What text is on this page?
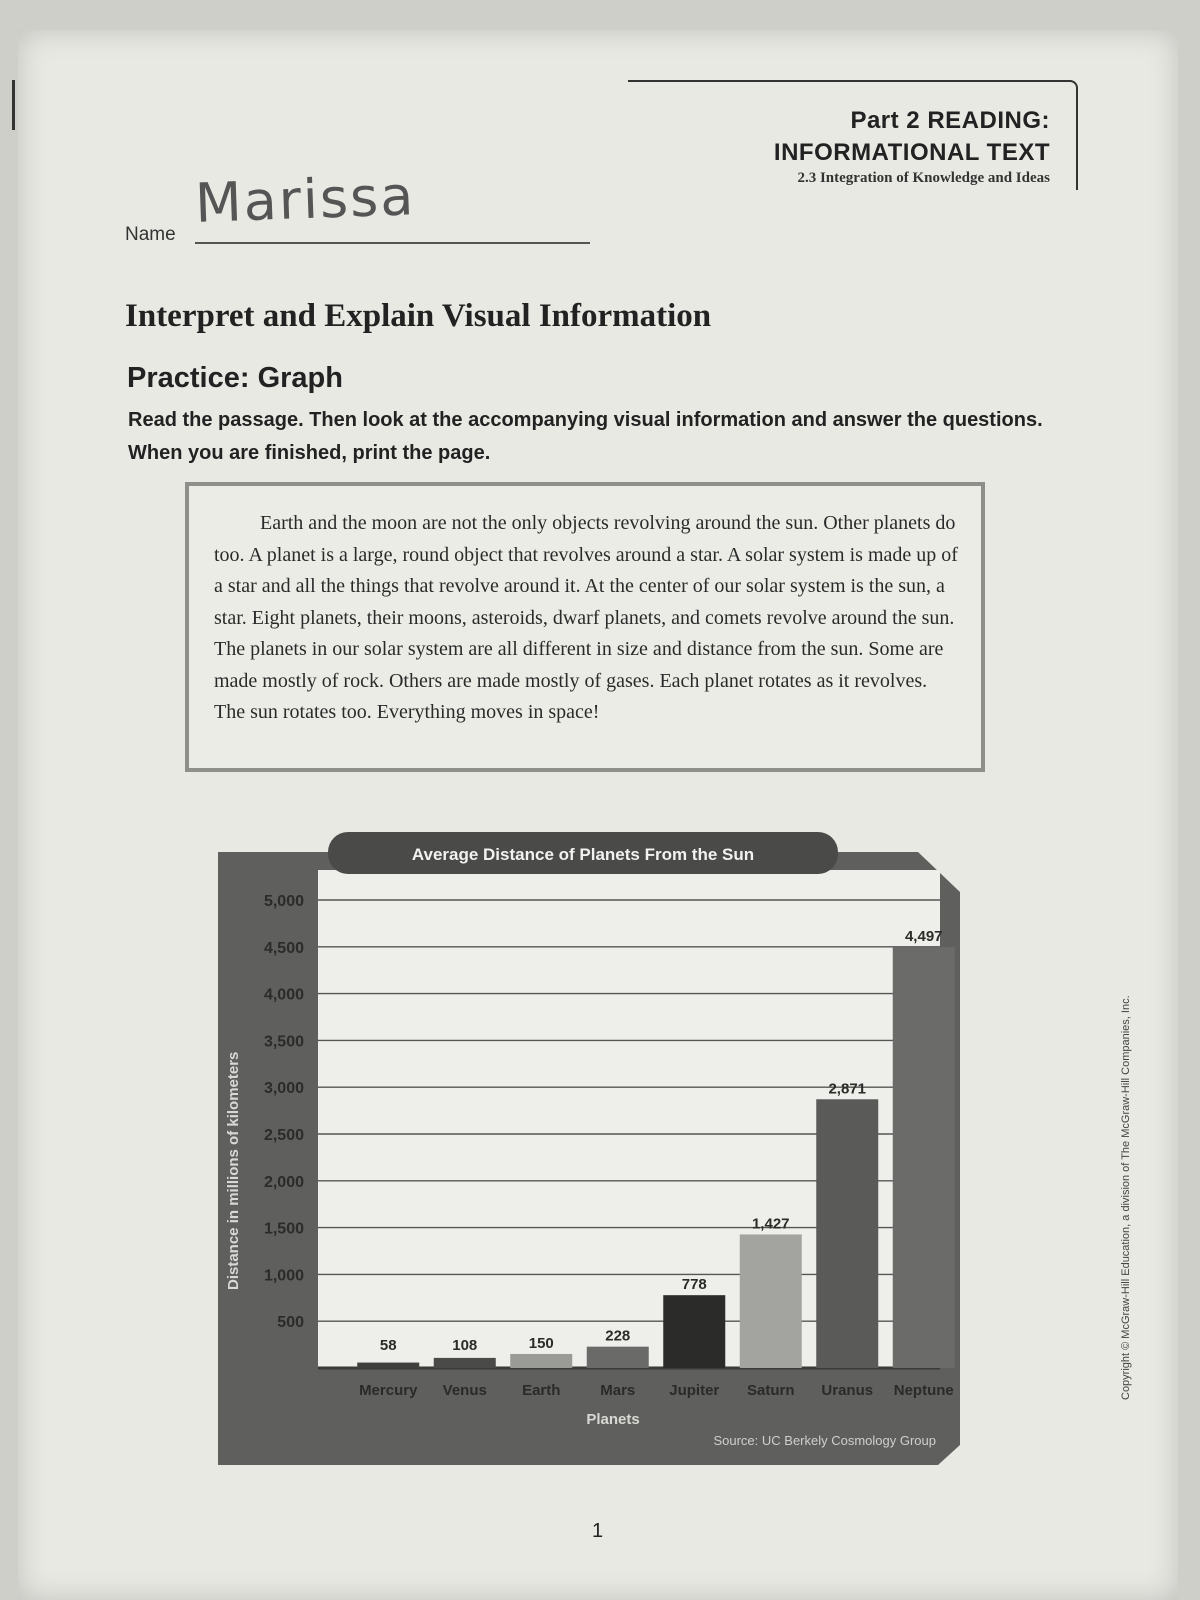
Part 2 READING:
INFORMATIONAL TEXT
2.3 Integration of Knowledge and Ideas
Name Marissa
Interpret and Explain Visual Information
Practice: Graph
Read the passage. Then look at the accompanying visual information and answer the questions. When you are finished, print the page.
Earth and the moon are not the only objects revolving around the sun. Other planets do too. A planet is a large, round object that revolves around a star. A solar system is made up of a star and all the things that revolve around it. At the center of our solar system is the sun, a star. Eight planets, their moons, asteroids, dwarf planets, and comets revolve around the sun. The planets in our solar system are all different in size and distance from the sun. Some are made mostly of rock. Others are made mostly of gases. Each planet rotates as it revolves. The sun rotates too. Everything moves in space!
Average Distance of Planets From the Sun
500
1,000
1,500
2,000
2,500
3,000
3,500
4,000
4,500
5,000
58	108	150	228
778
1,427
2,871
4,497
Mercury Venus Earth	Mars Jupiter Saturn Uranus Neptune
Distance in millions of kilometers
Planets
Source: UC Berkely Cosmology Group
Copyright © McGraw-Hill Education, a division of The McGraw-Hill Companies, Inc.
1
